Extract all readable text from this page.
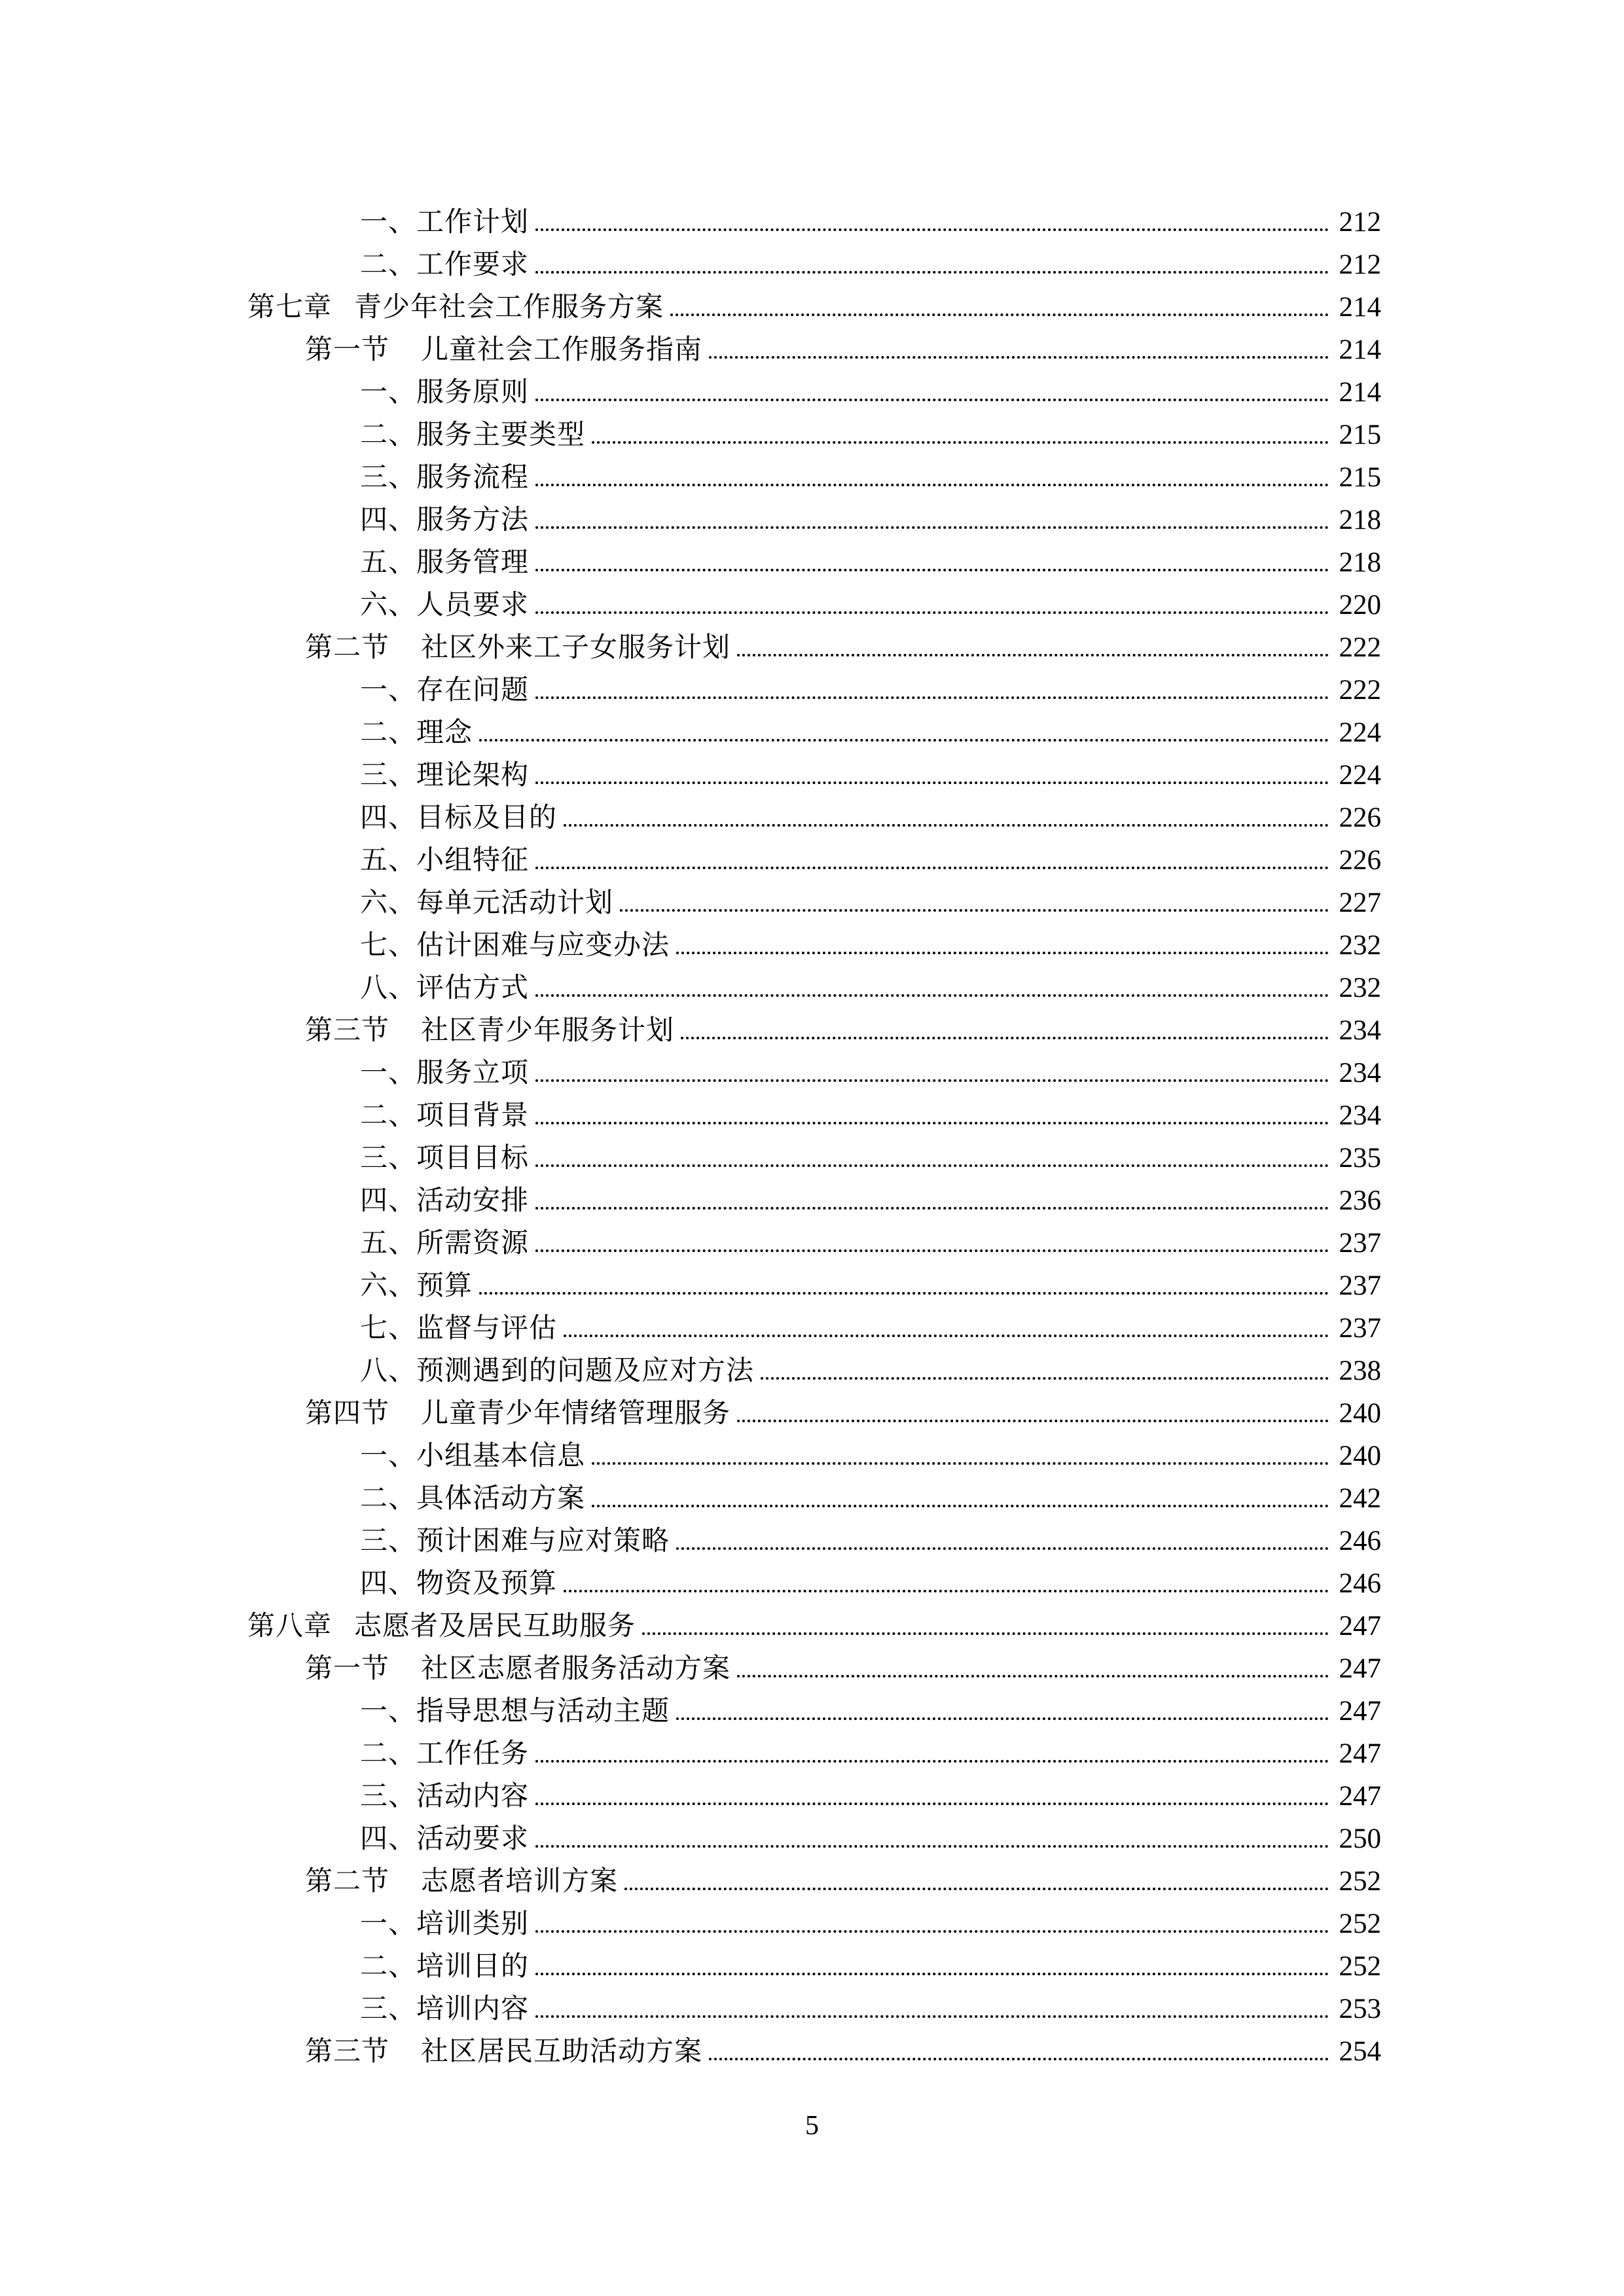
一、 工作计划	212
二、 工作要求	212
第七章 青少年社会工作服务方案	214
第一节 儿童社会工作服务指南	214
一、 服务原则	214
二、 服务主要类型	215
三、 服务流程	215
四、 服务方法	218
五、 服务管理	218
六、 人员要求	220
第二节 社区外来工子女服务计划	222
一、 存在问题	222
二、 理念	224
三、 理论架构	224
四、 目标及目的	226
五、 小组特征	226
六、 每单元活动计划	227
七、 估计困难与应变办法	232
八、 评估方式	232
第三节 社区青少年服务计划	234
一、 服务立项	234
二、 项目背景	234
三、 项目目标	235
四、 活动安排	236
五、 所需资源	237
六、 预算	237
七、 监督与评估	237
八、 预测遇到的问题及应对方法	238
第四节 儿童青少年情绪管理服务	240
一、 小组基本信息	240
二、 具体活动方案	242
三、 预计困难与应对策略	246
四、 物资及预算	246
第八章 志愿者及居民互助服务	247
第一节 社区志愿者服务活动方案	247
一、 指导思想与活动主题	247
二、 工作任务	247
三、 活动内容	247
四、 活动要求	250
第二节 志愿者培训方案	252
一、 培训类别	252
二、 培训目的	252
三、 培训内容	253
第三节 社区居民互助活动方案	254
5
